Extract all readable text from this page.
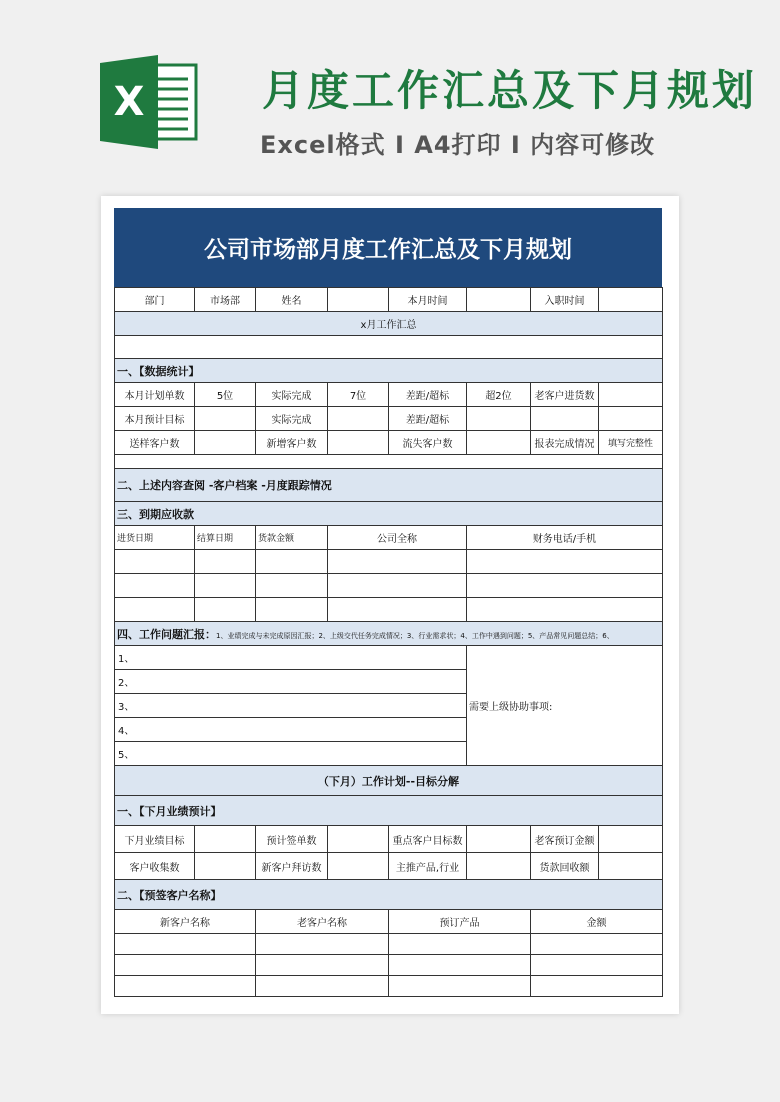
X	月度工作汇总及下月规划
Excel格式 I A4打印 I 内容可修改
公司市场部月度工作汇总及下月规划
部门	市场部	姓名		本月时间		入职时间	
x月工作汇总							

一、【数据统计】							
本月计划单数	5位	实际完成	7位	差距/超标	超2位	老客户进货数	
本月预计目标		实际完成		差距/超标			
送样客户数		新增客户数		流失客户数		报表完成情况	填写完整性

二、上述内容查阅 -客户档案 -月度跟踪情况							
三、到期应收款							
进货日期	结算日期	货款金额	公司全称		财务电话/手机		

四、工作问题汇报：1、业绩完成与未完成原因汇报；2、上级交代任务完成情况；3、行业需求状；4、工作中遇到问题；5、产品常见问题总结；6、							
1、					需要上级协助事项:		
2、							
3、							
4、							
5、							
（下月）工作计划--目标分解							
一、【下月业绩预计】							
下月业绩目标		预计签单数		重点客户目标数		老客预订金额	
客户收集数		新客户拜访数		主推产品,行业		货款回收额	
二、【预签客户名称】							
新客户名称		老客户名称		预订产品		金额	
